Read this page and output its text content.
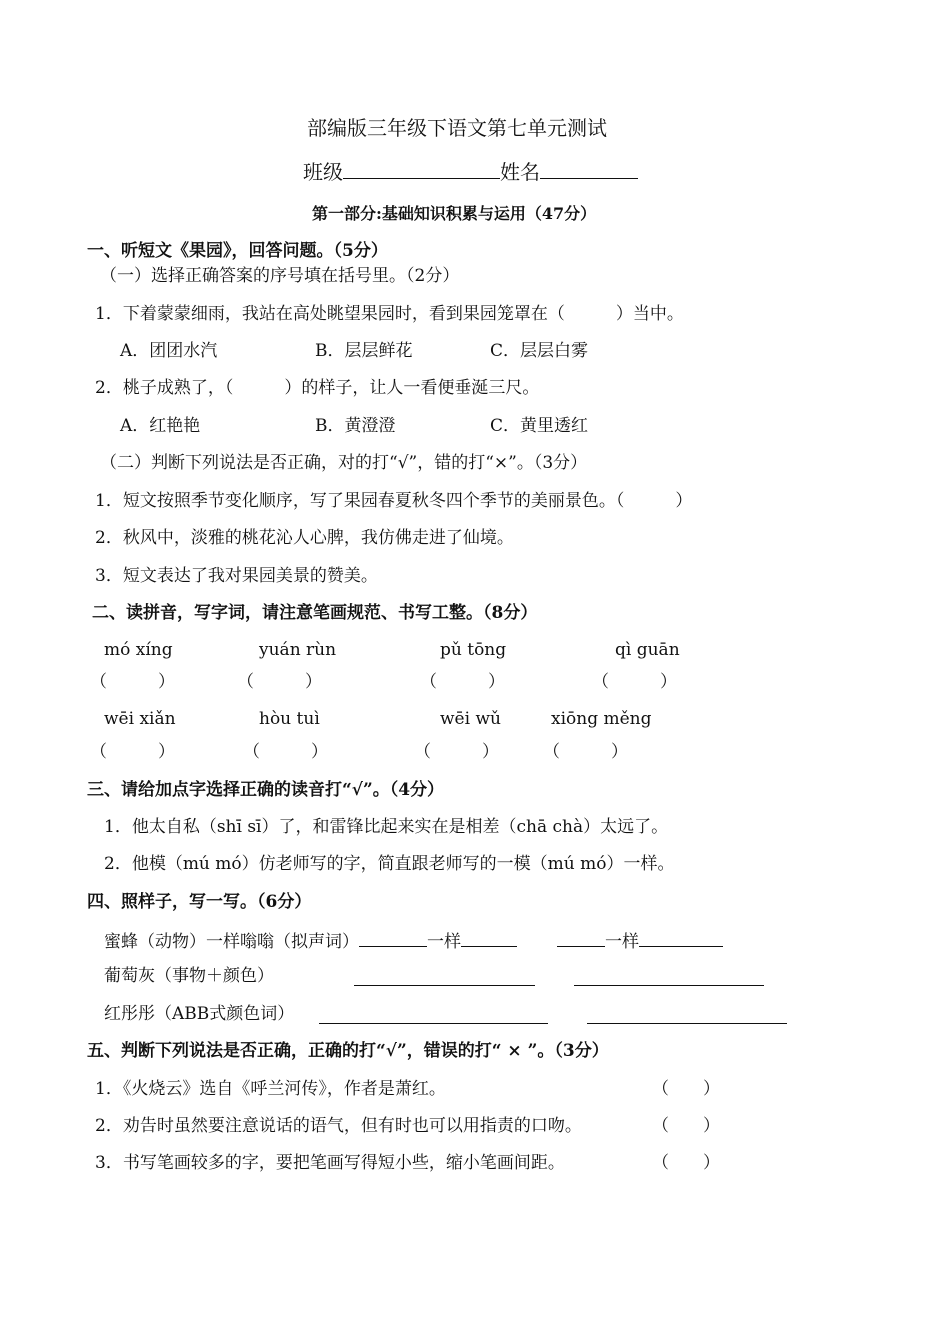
部编版三年级下语文第七单元测试
班级	姓名
第一部分:基础知识积累与运用（47分）
一、听短文《果园》，回答问题。（5分）
（一）选择正确答案的序号填在括号里。（2分）
1．下着蒙蒙细雨，我站在高处眺望果园时，看到果园笼罩在（　　　）当中。
A．团团水汽	B．层层鲜花	C．层层白雾
2．桃子成熟了，（　　　）的样子，让人一看便垂涎三尺。
A．红艳艳	B．黄澄澄	C．黄里透红
（二）判断下列说法是否正确，对的打“√”，错的打“×”。（3分）
1．短文按照季节变化顺序，写了果园春夏秋冬四个季节的美丽景色。（　　　）
2．秋风中，淡雅的桃花沁人心脾，我仿佛走进了仙境。
3．短文表达了我对果园美景的赞美。
二、读拼音，写字词，请注意笔画规范、书写工整。（8分）
mó xíng	yuán rùn	pǔ tōng	qì guān
（　　　）	（　　　）	（　　　）	（　　　）
wēi xiǎn	hòu tuì	wēi wǔ	xiōng měng
（　　　）	（　　　）	（　　　）	（　　　）
三、请给加点字选择正确的读音打“√”。（4分）
1．他太自私（shī sī）了，和雷锋比起来实在是相差（chā chà）太远了。
2．他模（mú mó）仿老师写的字，简直跟老师写的一模（mú mó）一样。
四、照样子，写一写。（6分）
蜜蜂（动物）一样嗡嗡（拟声词）	一样	一样
葡萄灰（事物＋颜色）
红彤彤（ABB式颜色词）
五、判断下列说法是否正确，正确的打“√”，错误的打“ × ”。（3分）
1．《火烧云》选自《呼兰河传》，作者是萧红。	（　　）
2．劝告时虽然要注意说话的语气，但有时也可以用指责的口吻。	（　　）
3．书写笔画较多的字，要把笔画写得短小些，缩小笔画间距。	（　　）
